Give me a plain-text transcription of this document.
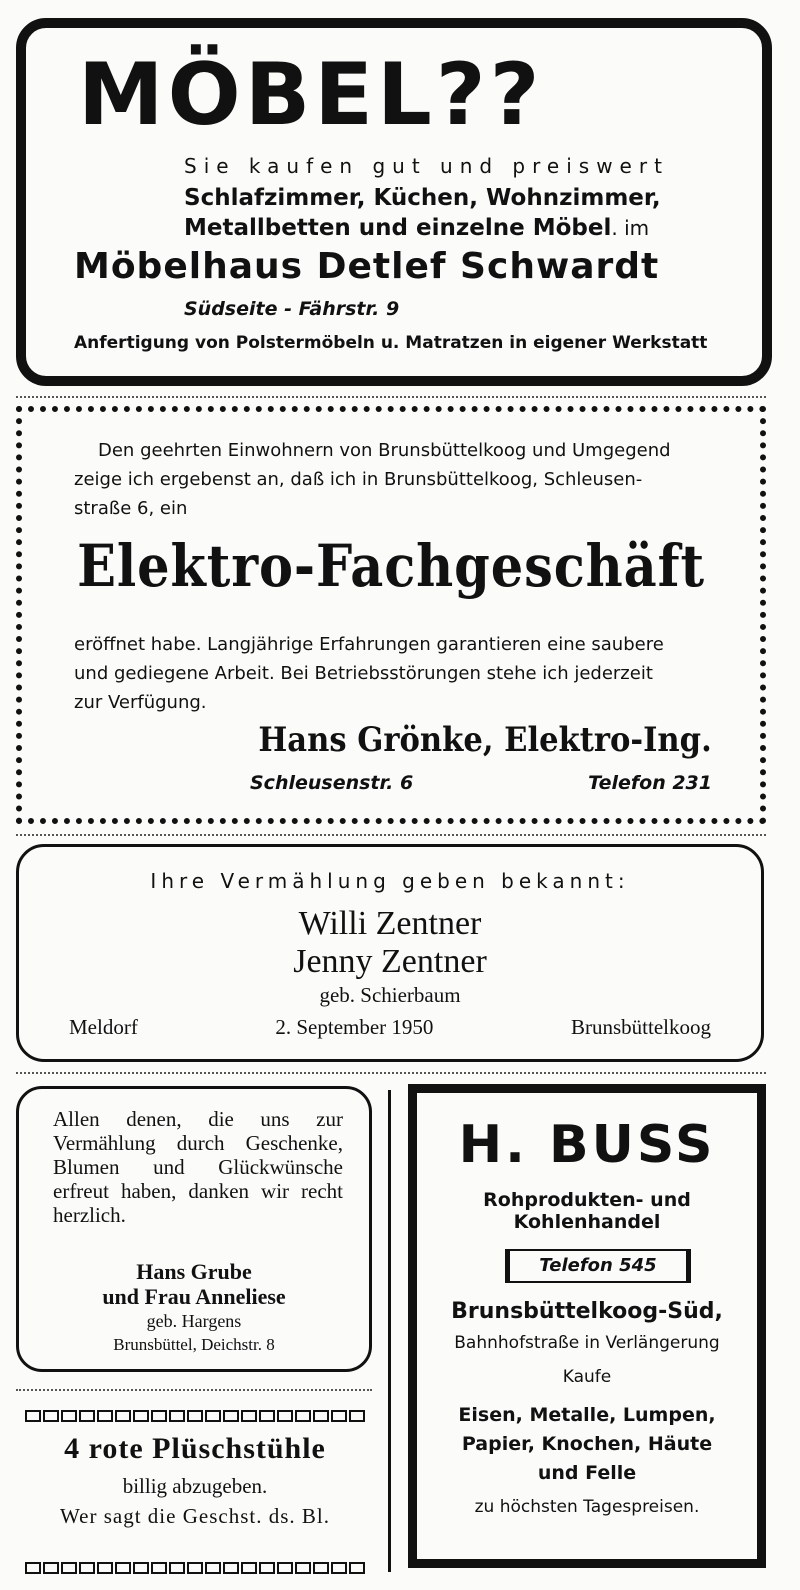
MÖBEL??
Sie kaufen gut und preiswert
Schlafzimmer, Küchen, Wohnzimmer,
Metallbetten und einzelne Möbel. im
Möbelhaus Detlef Schwardt
Südseite - Fährstr. 9
Anfertigung von Polstermöbeln u. Matratzen in eigener Werkstatt
Den geehrten Einwohnern von Brunsbüttelkoog und Umgegend
zeige ich ergebenst an, daß ich in Brunsbüttelkoog, Schleusen-
straße 6, ein
Elektro-Fachgeschäft
eröffnet habe. Langjährige Erfahrungen garantieren eine saubere
und gediegene Arbeit. Bei Betriebsstörungen stehe ich jederzeit
zur Verfügung.
Hans Grönke, Elektro-Ing.
Schleusenstr. 6	Telefon 231
Ihre Vermählung geben bekannt:
Willi Zentner
Jenny Zentner
geb. Schierbaum
Meldorf	2. September 1950	Brunsbüttelkoog
Allen denen, die uns zur Vermählung durch Geschenke, Blumen und Glückwünsche erfreut haben, danken wir recht herzlich.
Hans Grube
und Frau Anneliese
geb. Hargens
Brunsbüttel, Deichstr. 8
4 rote Plüschstühle
billig abzugeben.
Wer sagt die Geschst. ds. Bl.
H. BUSS
Rohprodukten- und
Kohlenhandel
Telefon 545
Brunsbüttelkoog-Süd,
Bahnhofstraße in Verlängerung
Kaufe
Eisen, Metalle, Lumpen,
Papier, Knochen, Häute
und Felle
zu höchsten Tagespreisen.
